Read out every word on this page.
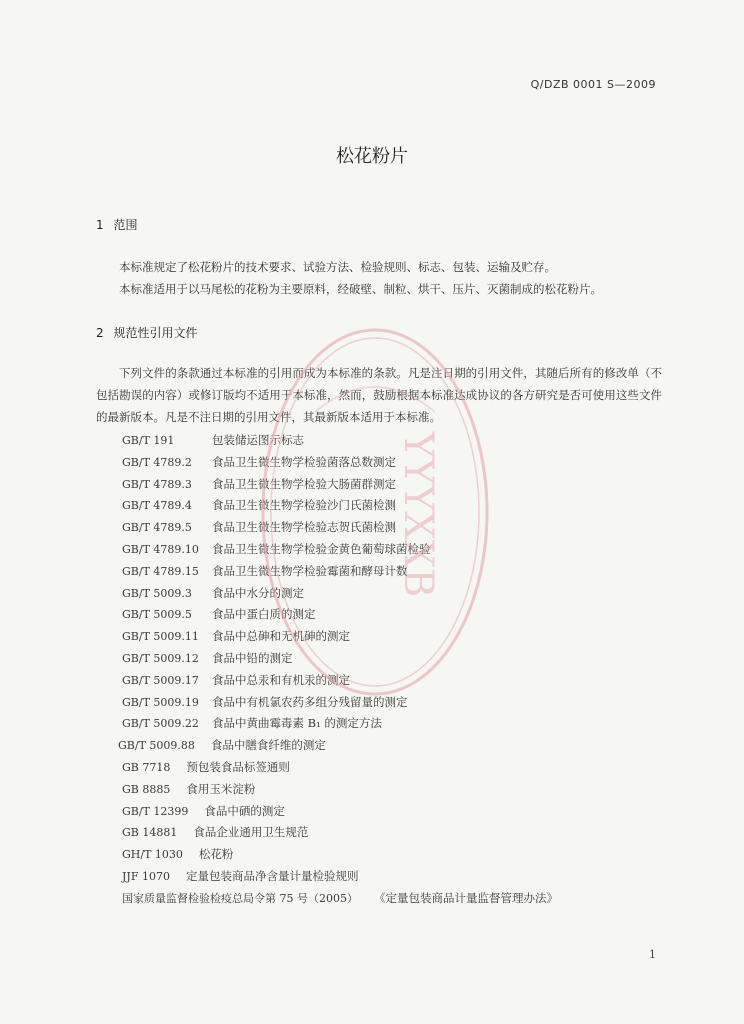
Q/DZB 0001 S—2009
松花粉片
1 范围

本标准规定了松花粉片的技术要求、试验方法、检验规则、标志、包装、运输及贮存。

本标准适用于以马尾松的花粉为主要原料，经破壁、制粒、烘干、压片、灭菌制成的松花粉片。

2 规范性引用文件

下列文件的条款通过本标准的引用而成为本标准的条款。凡是注日期的引用文件，其随后所有的修改单（不包括勘误的内容）或修订版均不适用于本标准，然而，鼓励根据本标准达成协议的各方研究是否可使用这些文件的最新版本。凡是不注日期的引用文件，其最新版本适用于本标准。

GB/T 191	包装储运图示标志
GB/T 4789.2 食品卫生微生物学检验菌落总数测定
GB/T 4789.3 食品卫生微生物学检验大肠菌群测定
GB/T 4789.4 食品卫生微生物学检验沙门氏菌检测
GB/T 4789.5 食品卫生微生物学检验志贺氏菌检测
GB/T 4789.10 食品卫生微生物学检验金黄色葡萄球菌检验
GB/T 4789.15 食品卫生微生物学检验霉菌和酵母计数
GB/T 5009.3 食品中水分的测定
GB/T 5009.5 食品中蛋白质的测定
GB/T 5009.11 食品中总砷和无机砷的测定
GB/T 5009.12 食品中铅的测定
GB/T 5009.17 食品中总汞和有机汞的测定
GB/T 5009.19 食品中有机氯农药多组分残留量的测定
GB/T 5009.22 食品中黄曲霉毒素 B₁ 的测定方法
GB/T 5009.88 食品中膳食纤维的测定
GB 7718 预包装食品标签通则
GB 8885 食用玉米淀粉
GB/T 12399 食品中硒的测定
GB 14881 食品企业通用卫生规范
GH/T 1030 松花粉
JJF 1070 定量包装商品净含量计量检验规则
国家质量监督检验检疫总局令第 75 号（2005） 《定量包装商品计量监督管理办法》
YYYXXB
1
